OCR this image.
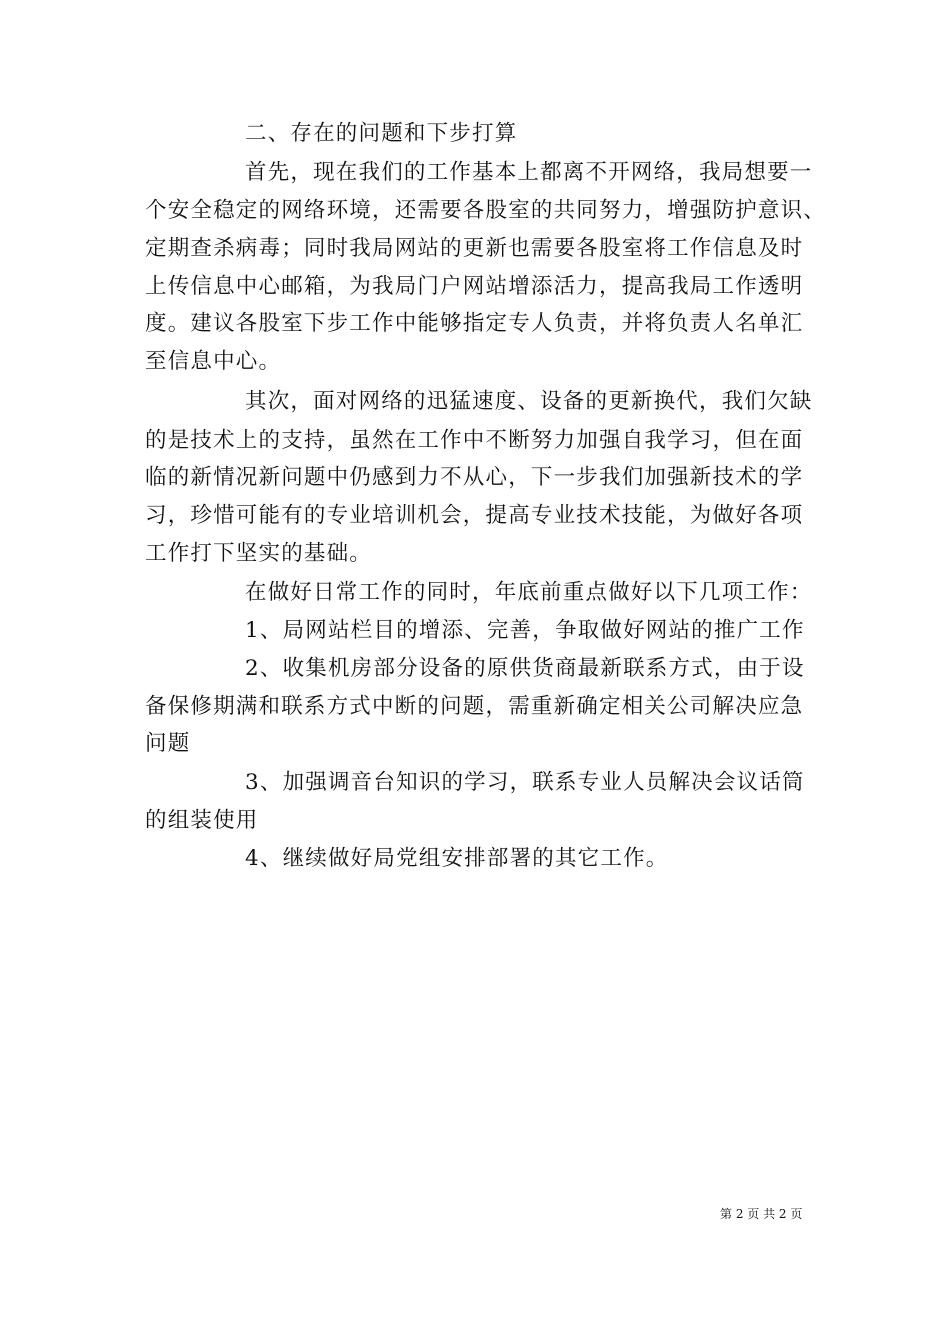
二、存在的问题和下步打算
首先，现在我们的工作基本上都离不开网络，我局想要一
个安全稳定的网络环境，还需要各股室的共同努力，增强防护意识、
定期查杀病毒；同时我局网站的更新也需要各股室将工作信息及时
上传信息中心邮箱，为我局门户网站增添活力，提高我局工作透明
度。建议各股室下步工作中能够指定专人负责，并将负责人名单汇
至信息中心。
其次，面对网络的迅猛速度、设备的更新换代，我们欠缺
的是技术上的支持，虽然在工作中不断努力加强自我学习，但在面
临的新情况新问题中仍感到力不从心，下一步我们加强新技术的学
习，珍惜可能有的专业培训机会，提高专业技术技能，为做好各项
工作打下坚实的基础。
在做好日常工作的同时，年底前重点做好以下几项工作：
1、局网站栏目的增添、完善，争取做好网站的推广工作
2、收集机房部分设备的原供货商最新联系方式，由于设
备保修期满和联系方式中断的问题，需重新确定相关公司解决应急
问题
3、加强调音台知识的学习，联系专业人员解决会议话筒
的组装使用
4、继续做好局党组安排部署的其它工作。
第 2 页 共 2 页
